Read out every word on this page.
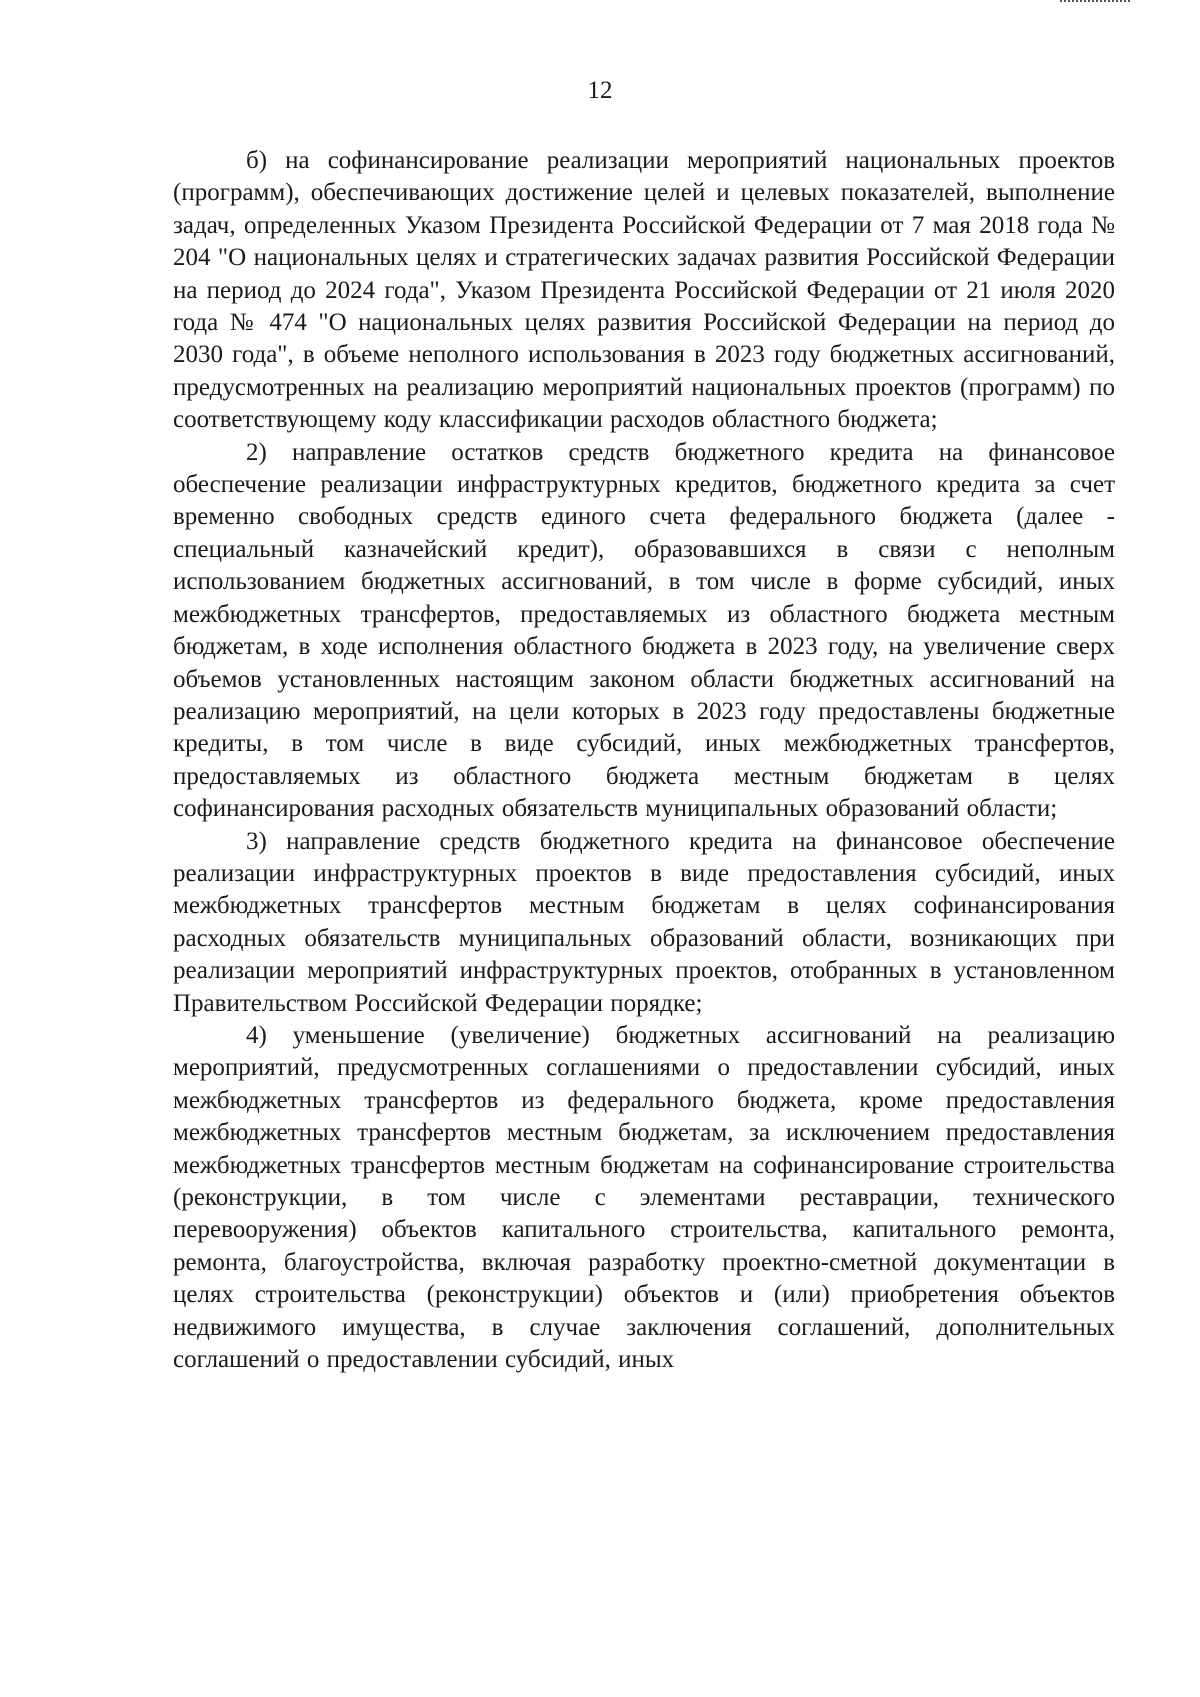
12

б) на софинансирование реализации мероприятий национальных проектов (программ), обеспечивающих достижение целей и целевых показателей, выполнение задач, определенных Указом Президента Российской Федерации от 7 мая 2018 года № 204 "О национальных целях и стратегических задачах развития Российской Федерации на период до 2024 года", Указом Президента Российской Федерации от 21 июля 2020 года № 474 "О национальных целях развития Российской Федерации на период до 2030 года", в объеме неполного использования в 2023 году бюджетных ассигнований, предусмотренных на реализацию мероприятий национальных проектов (программ) по соответствующему коду классификации расходов областного бюджета;

2) направление остатков средств бюджетного кредита на финансовое обеспечение реализации инфраструктурных кредитов, бюджетного кредита за счет временно свободных средств единого счета федерального бюджета (далее - специальный казначейский кредит), образовавшихся в связи с неполным использованием бюджетных ассигнований, в том числе в форме субсидий, иных межбюджетных трансфертов, предоставляемых из областного бюджета местным бюджетам, в ходе исполнения областного бюджета в 2023 году, на увеличение сверх объемов установленных настоящим законом области бюджетных ассигнований на реализацию мероприятий, на цели которых в 2023 году предоставлены бюджетные кредиты, в том числе в виде субсидий, иных межбюджетных трансфертов, предоставляемых из областного бюджета местным бюджетам в целях софинансирования расходных обязательств муниципальных образований области;

3) направление средств бюджетного кредита на финансовое обеспечение реализации инфраструктурных проектов в виде предоставления субсидий, иных межбюджетных трансфертов местным бюджетам в целях софинансирования расходных обязательств муниципальных образований области, возникающих при реализации мероприятий инфраструктурных проектов, отобранных в установленном Правительством Российской Федерации порядке;

4) уменьшение (увеличение) бюджетных ассигнований на реализацию мероприятий, предусмотренных соглашениями о предоставлении субсидий, иных межбюджетных трансфертов из федерального бюджета, кроме предоставления межбюджетных трансфертов местным бюджетам, за исключением предоставления межбюджетных трансфертов местным бюджетам на софинансирование строительства (реконструкции, в том числе с элементами реставрации, технического перевооружения) объектов капитального строительства, капитального ремонта, ремонта, благоустройства, включая разработку проектно-сметной документации в целях строительства (реконструкции) объектов и (или) приобретения объектов недвижимого имущества, в случае заключения соглашений, дополнительных соглашений о предоставлении субсидий, иных
